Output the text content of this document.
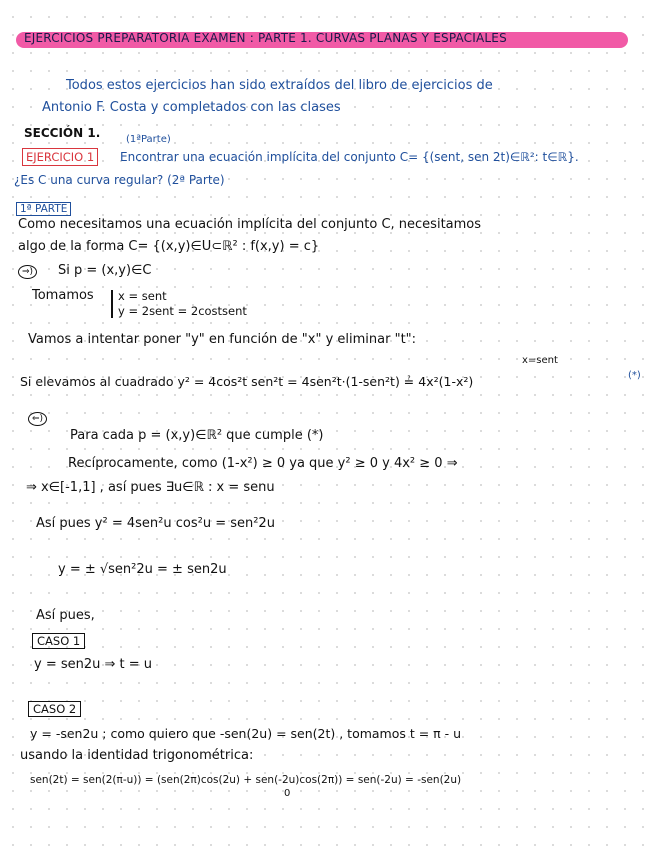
EJERCICIOS PREPARATORIA EXAMEN : PARTE 1. CURVAS PLANAS Y ESPACIALES
Todos estos ejercicios han sido extraídos del libro de ejercicios de
Antonio F. Costa y completados con las clases
SECCIÓN 1.	(1ªParte)
EJERCICIO 1	Encontrar una ecuación implícita del conjunto C= {(sent, sen 2t)∈ℝ²: t∈ℝ}.
¿Es C una curva regular? (2ª Parte)
1ª PARTE
Como necesitamos una ecuación implícita del conjunto C, necesitamos
algo de la forma C= {(x,y)∈U⊂ℝ² : f(x,y) = c}
⇒)	Si p = (x,y)∈C
Tomamos x = sent
y = 2sent = 2costsent
Vamos a intentar poner "y" en función de "x" y eliminar "t":
x=sent
Si elevamos al cuadrado y² = 4cos²t sen²t = 4sen²t·(1-sen²t) ≟ 4x²(1-x²)	(*)
⇐)
Para cada p = (x,y)∈ℝ² que cumple (*)
Recíprocamente, como (1-x²) ≥ 0 ya que y² ≥ 0 y 4x² ≥ 0 ⇒
⇒ x∈[-1,1] , así pues ∃u∈ℝ : x = senu
Así pues y² = 4sen²u cos²u = sen²2u
y = ± √sen²2u = ± sen2u
Así pues,
CASO 1
y = sen2u ⇒ t = u
CASO 2
y = -sen2u ; como quiero que -sen(2u) = sen(2t) , tomamos t = π - u
usando la identidad trigonométrica:
sen(2t) = sen(2(π-u)) = (sen(2π)cos(2u) + sen(-2u)cos(2π)) = sen(-2u) = -sen(2u)
0
